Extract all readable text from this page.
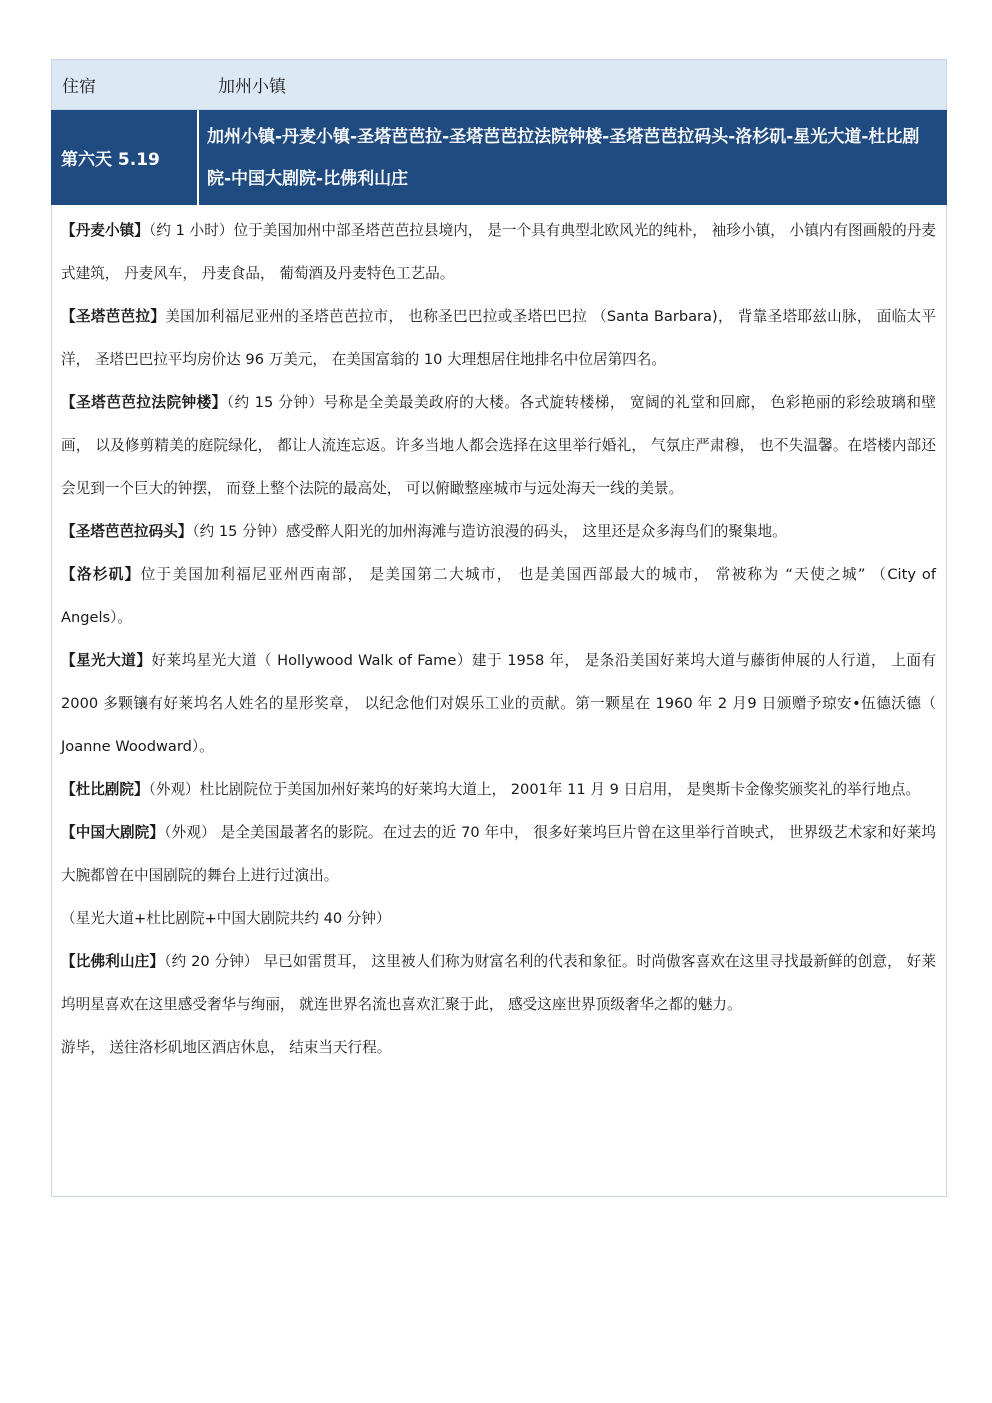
住宿	加州小镇
第六天 5.19
加州小镇-丹麦小镇-圣塔芭芭拉-圣塔芭芭拉法院钟楼-圣塔芭芭拉码头-洛杉矶-星光大道-杜比剧院-中国大剧院-比佛利山庄

【丹麦小镇】（约 1 小时）位于美国加州中部圣塔芭芭拉县境内， 是一个具有典型北欧风光的纯朴， 袖珍小镇， 小镇内有图画般的丹麦式建筑， 丹麦风车， 丹麦食品， 葡萄酒及丹麦特色工艺品。

【圣塔芭芭拉】美国加利福尼亚州的圣塔芭芭拉市， 也称圣巴巴拉或圣塔巴巴拉 （Santa Barbara)， 背靠圣塔耶兹山脉， 面临太平洋， 圣塔巴巴拉平均房价达 96 万美元， 在美国富翁的 10 大理想居住地排名中位居第四名。

【圣塔芭芭拉法院钟楼】（约 15 分钟）号称是全美最美政府的大楼。各式旋转楼梯， 宽阔的礼堂和回廊， 色彩艳丽的彩绘玻璃和壁画， 以及修剪精美的庭院绿化， 都让人流连忘返。许多当地人都会选择在这里举行婚礼， 气氛庄严肃穆， 也不失温馨。在塔楼内部还会见到一个巨大的钟摆， 而登上整个法院的最高处， 可以俯瞰整座城市与远处海天一线的美景。

【圣塔芭芭拉码头】（约 15 分钟）感受醉人阳光的加州海滩与造访浪漫的码头， 这里还是众多海鸟们的聚集地。

【洛杉矶】位于美国加利福尼亚州西南部， 是美国第二大城市， 也是美国西部最大的城市， 常被称为 “天使之城” （City of Angels）。

【星光大道】好莱坞星光大道（ Hollywood Walk of Fame）建于 1958 年， 是条沿美国好莱坞大道与藤街伸展的人行道， 上面有 2000 多颗镶有好莱坞名人姓名的星形奖章， 以纪念他们对娱乐工业的贡献。第一颗星在 1960 年 2 月9 日颁赠予琼安•伍德沃德（ Joanne Woodward）。

【杜比剧院】（外观）杜比剧院位于美国加州好莱坞的好莱坞大道上， 2001年 11 月 9 日启用， 是奥斯卡金像奖颁奖礼的举行地点。

【中国大剧院】（外观） 是全美国最著名的影院。在过去的近 70 年中， 很多好莱坞巨片曾在这里举行首映式， 世界级艺术家和好莱坞大腕都曾在中国剧院的舞台上进行过演出。

（星光大道+杜比剧院+中国大剧院共约 40 分钟）

【比佛利山庄】（约 20 分钟） 早已如雷贯耳， 这里被人们称为财富名利的代表和象征。时尚傲客喜欢在这里寻找最新鲜的创意， 好莱坞明星喜欢在这里感受奢华与绚丽， 就连世界名流也喜欢汇聚于此， 感受这座世界顶级奢华之都的魅力。

游毕， 送往洛杉矶地区酒店休息， 结束当天行程。
